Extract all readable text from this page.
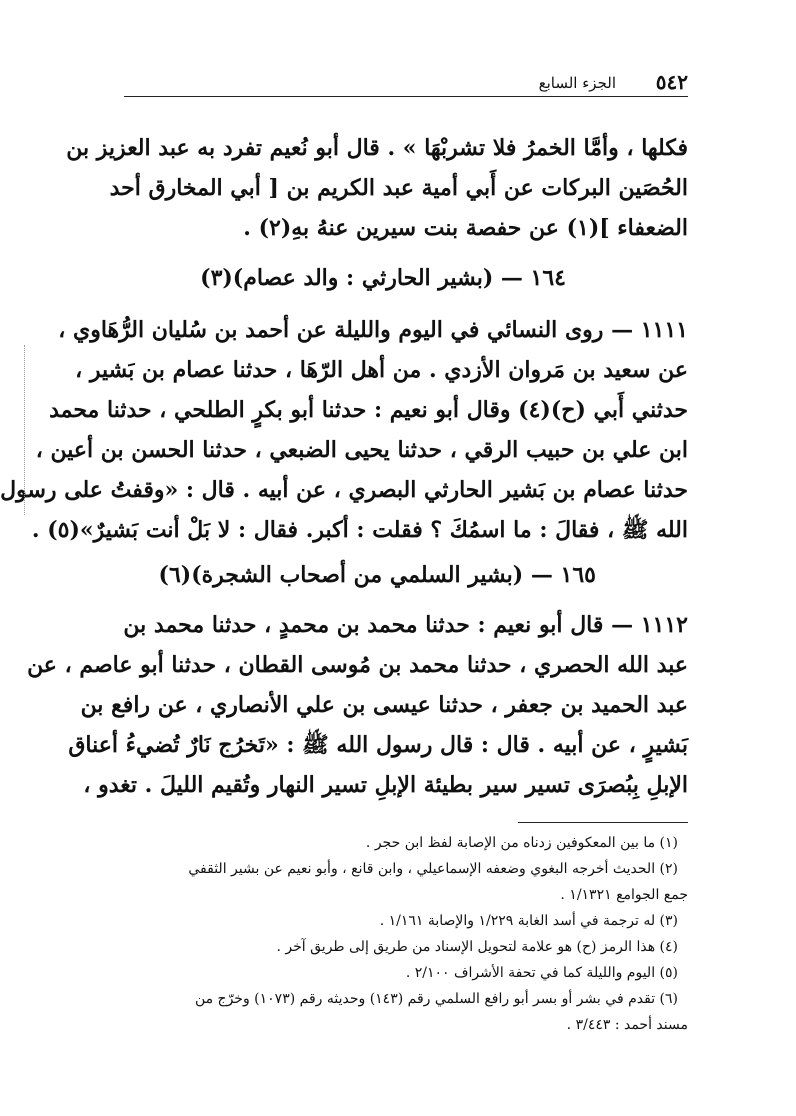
٥٤٢
الجزء السابع

فكلها ، وأمَّا الخمرُ فلا تشربْهَا » . قال أبو نُعيم تفرد به عبد العزيز بن
الحُصَين البركات عن أَبي أمية عبد الكريم بن [ أبي المخارق أحد
الضعفاء ](١) عن حفصة بنت سيرين عنهُ بهِ(٢) .

١٦٤ — (بشير الحارثي : والد عصام)(٣)

١١١١ — روى النسائي في اليوم والليلة عن أحمد بن سُليان الرُّهَاوي ،
عن سعيد بن مَروان الأزدي . من أهل الرّهَا ، حدثنا عصام بن بَشير ،
حدثني أَبي (ح)(٤) وقال أبو نعيم : حدثنا أبو بكرٍ الطلحي ، حدثنا محمد
ابن علي بن حبيب الرقي ، حدثنا يحيى الضبعي ، حدثنا الحسن بن أعين ،
حدثنا عصام بن بَشير الحارثي البصري ، عن أبيه . قال : «وقفتُ على رسول
الله ﷺ ، فقالَ : ما اسمُكَ ؟ فقلت : أكبر. فقال : لا بَلْ أنت بَشيرٌ»(٥) .

١٦٥ — (بشير السلمي من أصحاب الشجرة)(٦)

١١١٢ — قال أبو نعيم : حدثنا محمد بن محمدٍ ، حدثنا محمد بن
عبد الله الحصري ، حدثنا محمد بن مُوسى القطان ، حدثنا أبو عاصم ، عن
عبد الحميد بن جعفر ، حدثنا عيسى بن علي الأنصاري ، عن رافع بن
بَشيرٍ ، عن أبيه . قال : قال رسول الله ﷺ : «تَخرُج نَارٌ تُضيءُ أعناق
الإبلِ بِبُصرَى تسير سير بطيئة الإبلِ تسير النهار وتُقيم الليلَ . تغدو ،

(١) ما بين المعكوفين زدناه من الإصابة لفظ ابن حجر .
(٢) الحديث أخرجه البغوي وضعفه الإسماعيلي ، وابن قانع ، وأبو نعيم عن بشير الثقفي
جمع الجوامع ١/١٣٢١ .
(٣) له ترجمة في أسد الغابة ١/٢٢٩ والإصابة ١/١٦١ .
(٤) هذا الرمز (ح) هو علامة لتحويل الإسناد من طريق إلى طريق آخر .
(٥) اليوم والليلة كما في تحفة الأشراف ٢/١٠٠ .
(٦) تقدم في بشر أو بسر أبو رافع السلمي رقم (١٤٣) وحديثه رقم (١٠٧٣) وخرّج من
مسند أحمد : ٣/٤٤٣ .
